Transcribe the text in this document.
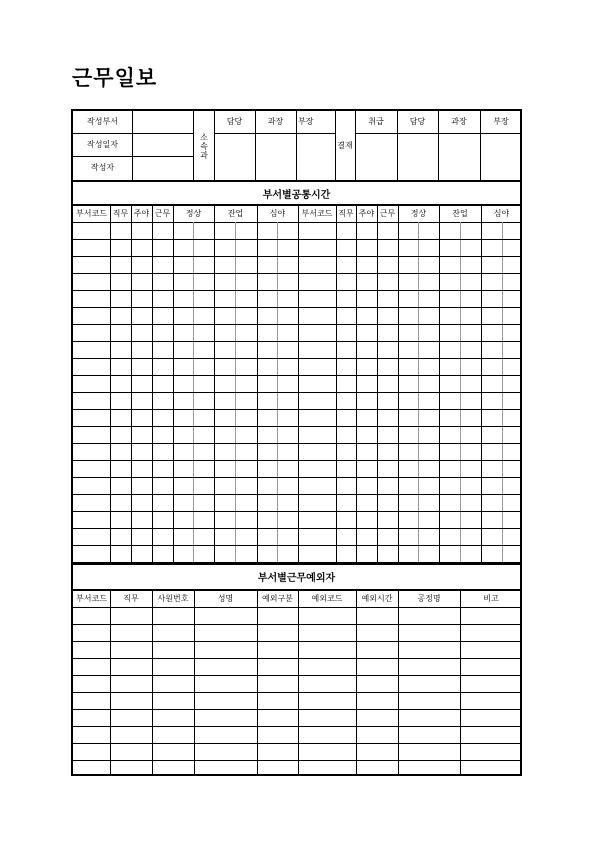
근무일보
작성부서
작성일자
작성자
소
속
과
담당	과장	부장
결재
취급	담당	과장	부장
부서별공통시간
부서별근무예외자
부서코드 직무 주야 근무	정상	잔업	심야	부서코드 직무 주야 근무	정상	잔업	심야
부서코드	직무	사원번호	성명	예외구분	예외코드	예외시간	공정명	비고
